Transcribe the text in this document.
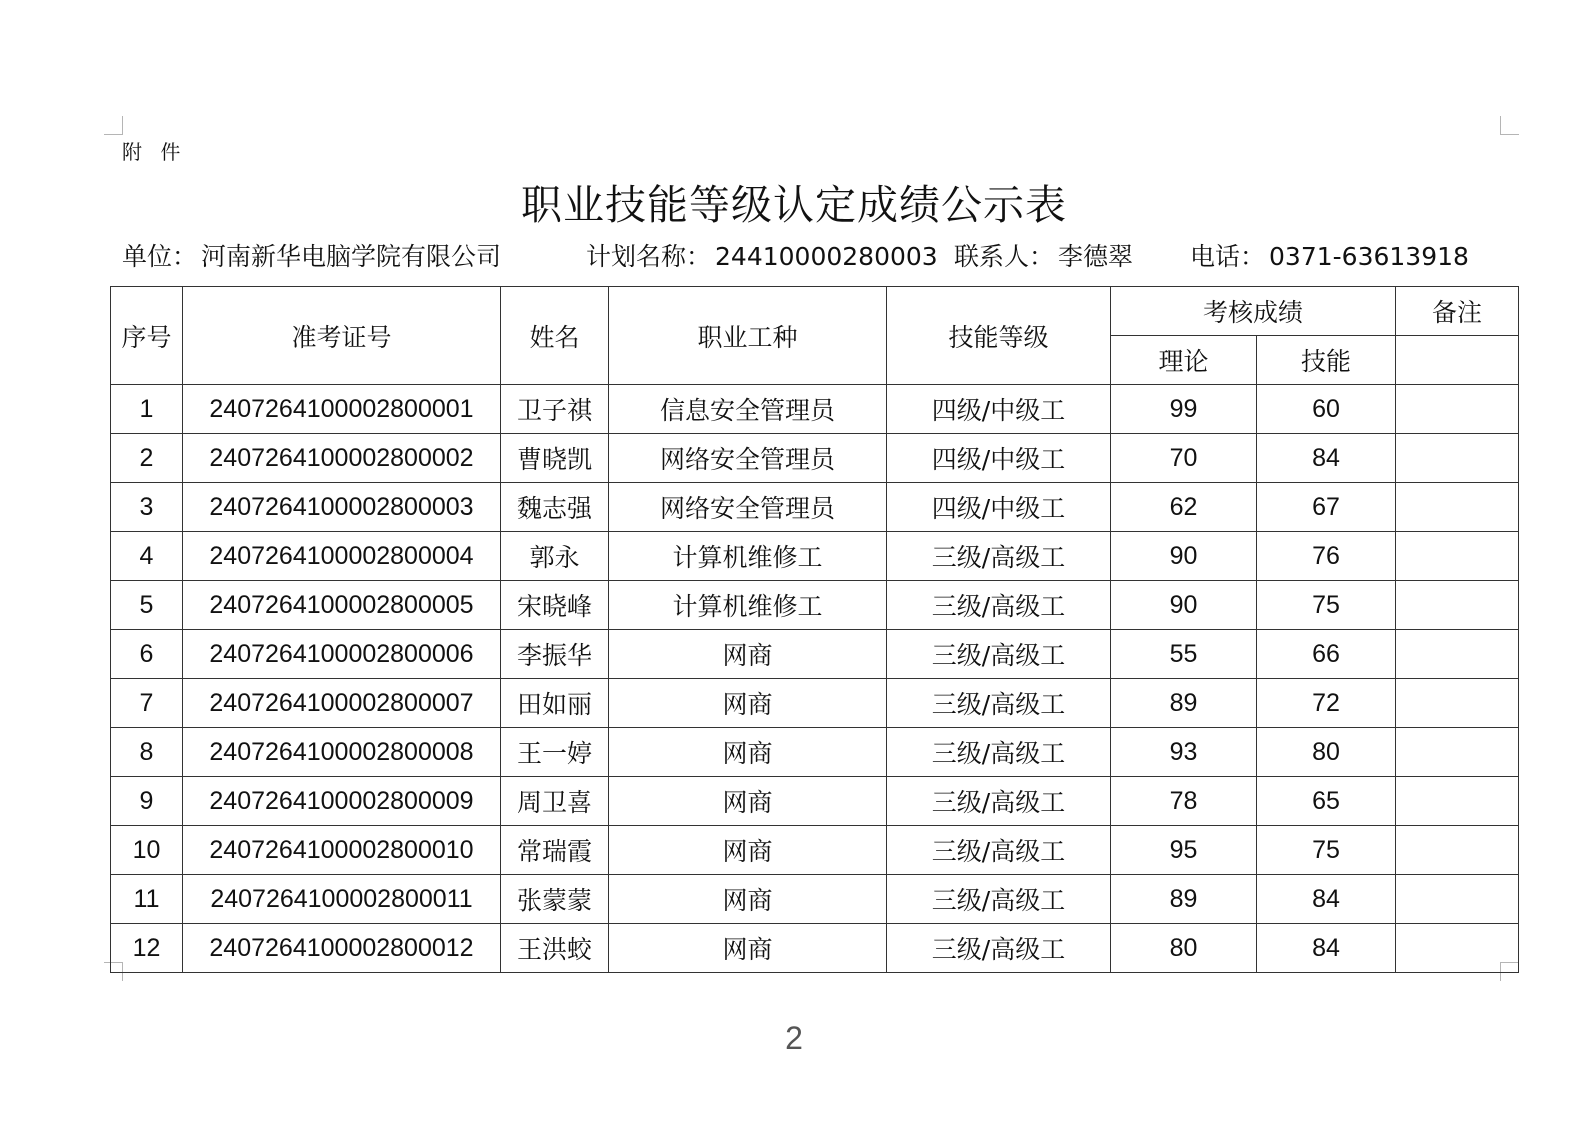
附 件
职业技能等级认定成绩公示表
单位： 河南新华电脑学院有限公司	计划名称： 24410000280003 联系人： 李德翠 电话： 0371-63613918
序号	准考证号	姓名	职业工种	技能等级	考核成绩		备注
					理论	技能	
1	2407264100002800001	卫子祺	信息安全管理员	四级/中级工	99	60	
2	2407264100002800002	曹晓凯	网络安全管理员	四级/中级工	70	84	
3	2407264100002800003	魏志强	网络安全管理员	四级/中级工	62	67	
4	2407264100002800004	郭永	计算机维修工	三级/高级工	90	76	
5	2407264100002800005	宋晓峰	计算机维修工	三级/高级工	90	75	
6	2407264100002800006	李振华	网商	三级/高级工	55	66	
7	2407264100002800007	田如丽	网商	三级/高级工	89	72	
8	2407264100002800008	王一婷	网商	三级/高级工	93	80	
9	2407264100002800009	周卫喜	网商	三级/高级工	78	65	
10	2407264100002800010	常瑞霞	网商	三级/高级工	95	75	
11	2407264100002800011	张蒙蒙	网商	三级/高级工	89	84	
12	2407264100002800012	王洪蛟	网商	三级/高级工	80	84	
2
